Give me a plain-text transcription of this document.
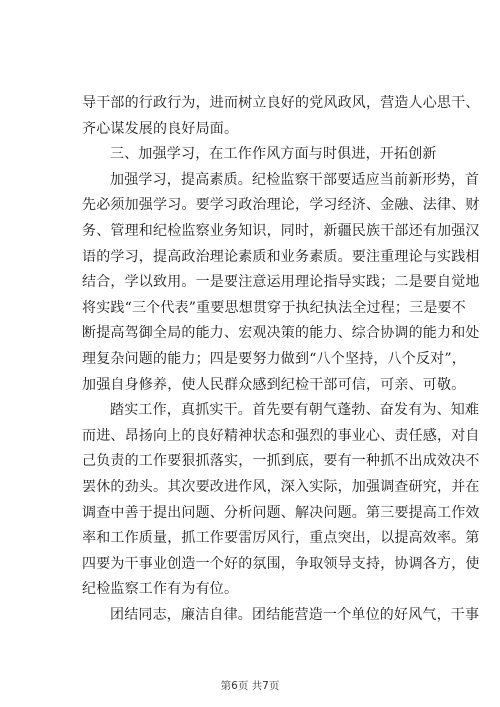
导干部的行政行为，进而树立良好的党风政风，营造人心思干、
齐心谋发展的良好局面。
三、加强学习，在工作作风方面与时俱进，开拓创新
加强学习，提高素质。纪检监察干部要适应当前新形势，首
先必须加强学习。要学习政治理论，学习经济、金融、法律、财
务、管理和纪检监察业务知识，同时，新疆民族干部还有加强汉
语的学习，提高政治理论素质和业务素质。要注重理论与实践相
结合，学以致用。一是要注意运用理论指导实践；二是要自觉地
将实践“三个代表”重要思想贯穿于执纪执法全过程；三是要不
断提高驾御全局的能力、宏观决策的能力、综合协调的能力和处
理复杂问题的能力；四是要努力做到“八个坚持，八个反对”，
加强自身修养，使人民群众感到纪检干部可信，可亲、可敬。
踏实工作，真抓实干。首先要有朝气蓬勃、奋发有为、知难
而进、昂扬向上的良好精神状态和强烈的事业心、责任感，对自
己负责的工作要狠抓落实，一抓到底，要有一种抓不出成效决不
罢休的劲头。其次要改进作风，深入实际，加强调查研究，并在
调查中善于提出问题、分析问题、解决问题。第三要提高工作效
率和工作质量，抓工作要雷厉风行，重点突出，以提高效率。第
四要为干事业创造一个好的氛围，争取领导支持，协调各方，使
纪检监察工作有为有位。
团结同志，廉洁自律。团结能营造一个单位的好风气，干事
第6页 共7页
